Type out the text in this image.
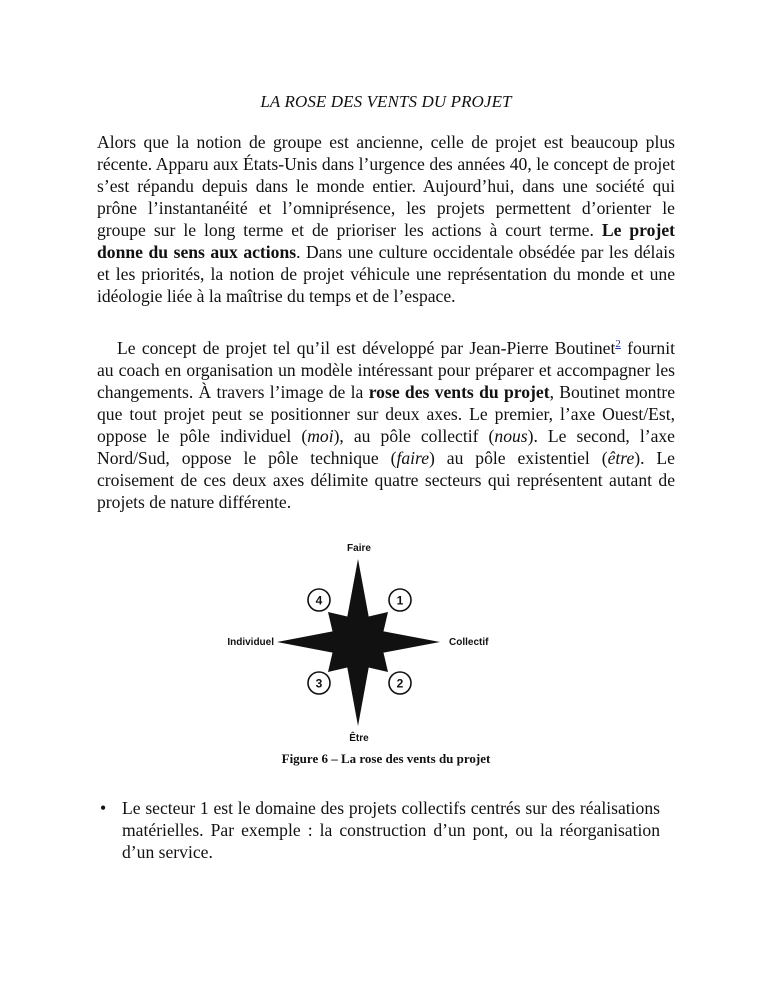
LA ROSE DES VENTS DU PROJET

Alors que la notion de groupe est ancienne, celle de projet est beaucoup plus récente. Apparu aux États-Unis dans l’urgence des années 40, le concept de projet s’est répandu depuis dans le monde entier. Aujourd’hui, dans une société qui prône l’instantanéité et l’omniprésence, les projets permettent d’orienter le groupe sur le long terme et de prioriser les actions à court terme. Le projet donne du sens aux actions. Dans une culture occidentale obsédée par les délais et les priorités, la notion de projet véhicule une représentation du monde et une idéologie liée à la maîtrise du temps et de l’espace.

Le concept de projet tel qu’il est développé par Jean-Pierre Boutinet$^2$ fournit au coach en organisation un modèle intéressant pour préparer et accompagner les changements. À travers l’image de la rose des vents du projet, Boutinet montre que tout projet peut se positionner sur deux axes. Le premier, l’axe Ouest/Est, oppose le pôle individuel (moi), au pôle collectif (nous). Le second, l’axe Nord/Sud, oppose le pôle technique (faire) au pôle existentiel (être). Le croisement de ces deux axes délimite quatre secteurs qui représentent autant de projets de nature différente.

Faire
Être
Individuel	Collectif
4	1
3	2
Figure 6 – La rose des vents du projet
• Le secteur 1 est le domaine des projets collectifs centrés sur des réalisations matérielles. Par exemple : la construction d’un pont, ou la réorganisation d’un service.
